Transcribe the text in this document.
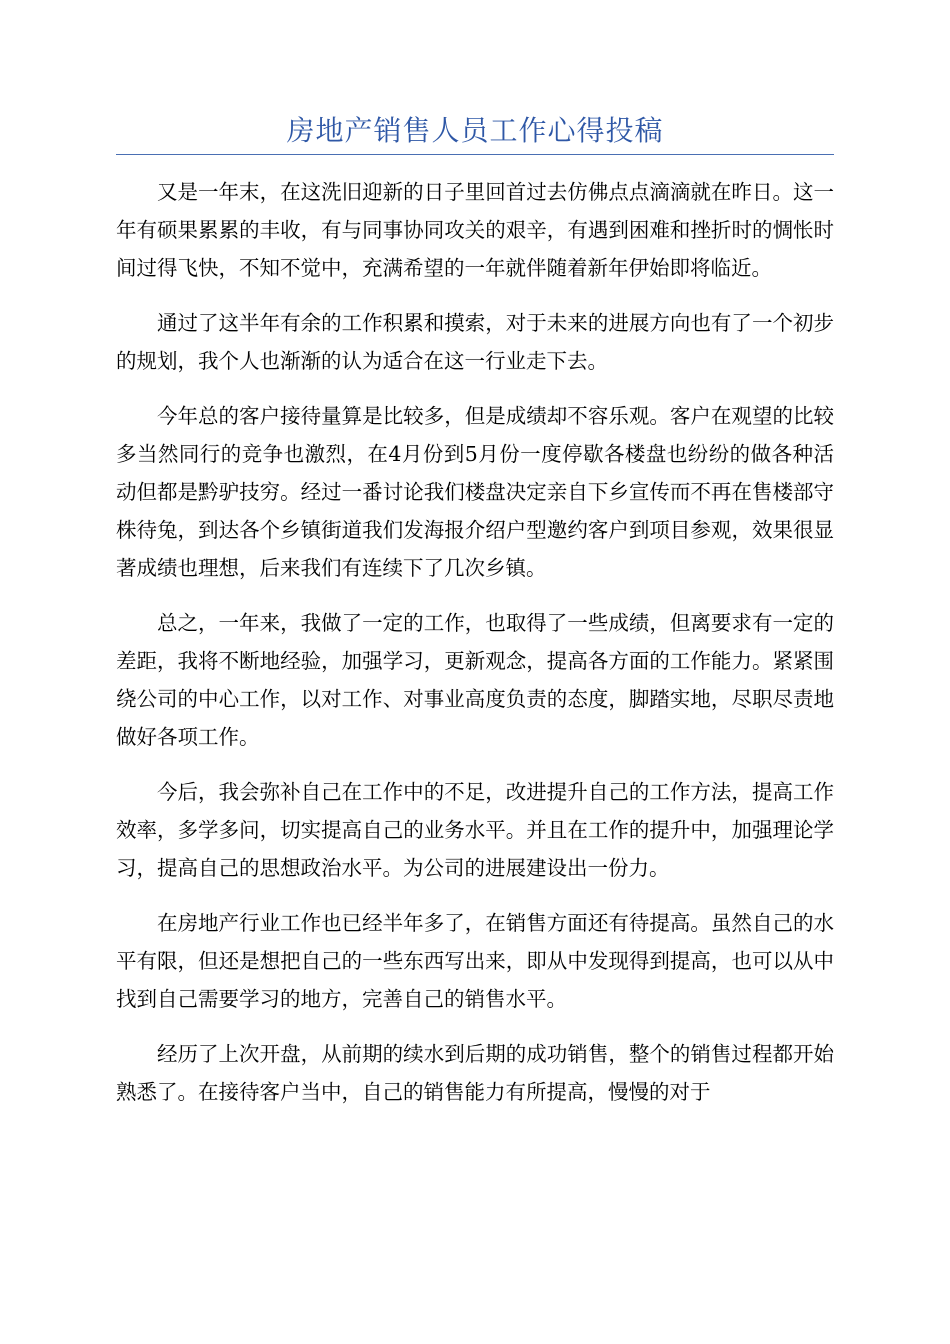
房地产销售人员工作心得投稿

又是一年末，在这洗旧迎新的日子里回首过去仿佛点点滴滴就在昨日。这一年有硕果累累的丰收，有与同事协同攻关的艰辛，有遇到困难和挫折时的惆怅时间过得飞快，不知不觉中，充满希望的一年就伴随着新年伊始即将临近。

通过了这半年有余的工作积累和摸索，对于未来的进展方向也有了一个初步的规划，我个人也渐渐的认为适合在这一行业走下去。

今年总的客户接待量算是比较多，但是成绩却不容乐观。客户在观望的比较多当然同行的竞争也激烈，在4月份到5月份一度停歇各楼盘也纷纷的做各种活动但都是黔驴技穷。经过一番讨论我们楼盘决定亲自下乡宣传而不再在售楼部守株待兔，到达各个乡镇街道我们发海报介绍户型邀约客户到项目参观，效果很显著成绩也理想，后来我们有连续下了几次乡镇。

总之，一年来，我做了一定的工作，也取得了一些成绩，但离要求有一定的差距，我将不断地经验，加强学习，更新观念，提高各方面的工作能力。紧紧围绕公司的中心工作，以对工作、对事业高度负责的态度，脚踏实地，尽职尽责地做好各项工作。

今后，我会弥补自己在工作中的不足，改进提升自己的工作方法，提高工作效率，多学多问，切实提高自己的业务水平。并且在工作的提升中，加强理论学习，提高自己的思想政治水平。为公司的进展建设出一份力。

在房地产行业工作也已经半年多了，在销售方面还有待提高。虽然自己的水平有限，但还是想把自己的一些东西写出来，即从中发现得到提高，也可以从中找到自己需要学习的地方，完善自己的销售水平。

经历了上次开盘，从前期的续水到后期的成功销售，整个的销售过程都开始熟悉了。在接待客户当中，自己的销售能力有所提高，慢慢的对于
